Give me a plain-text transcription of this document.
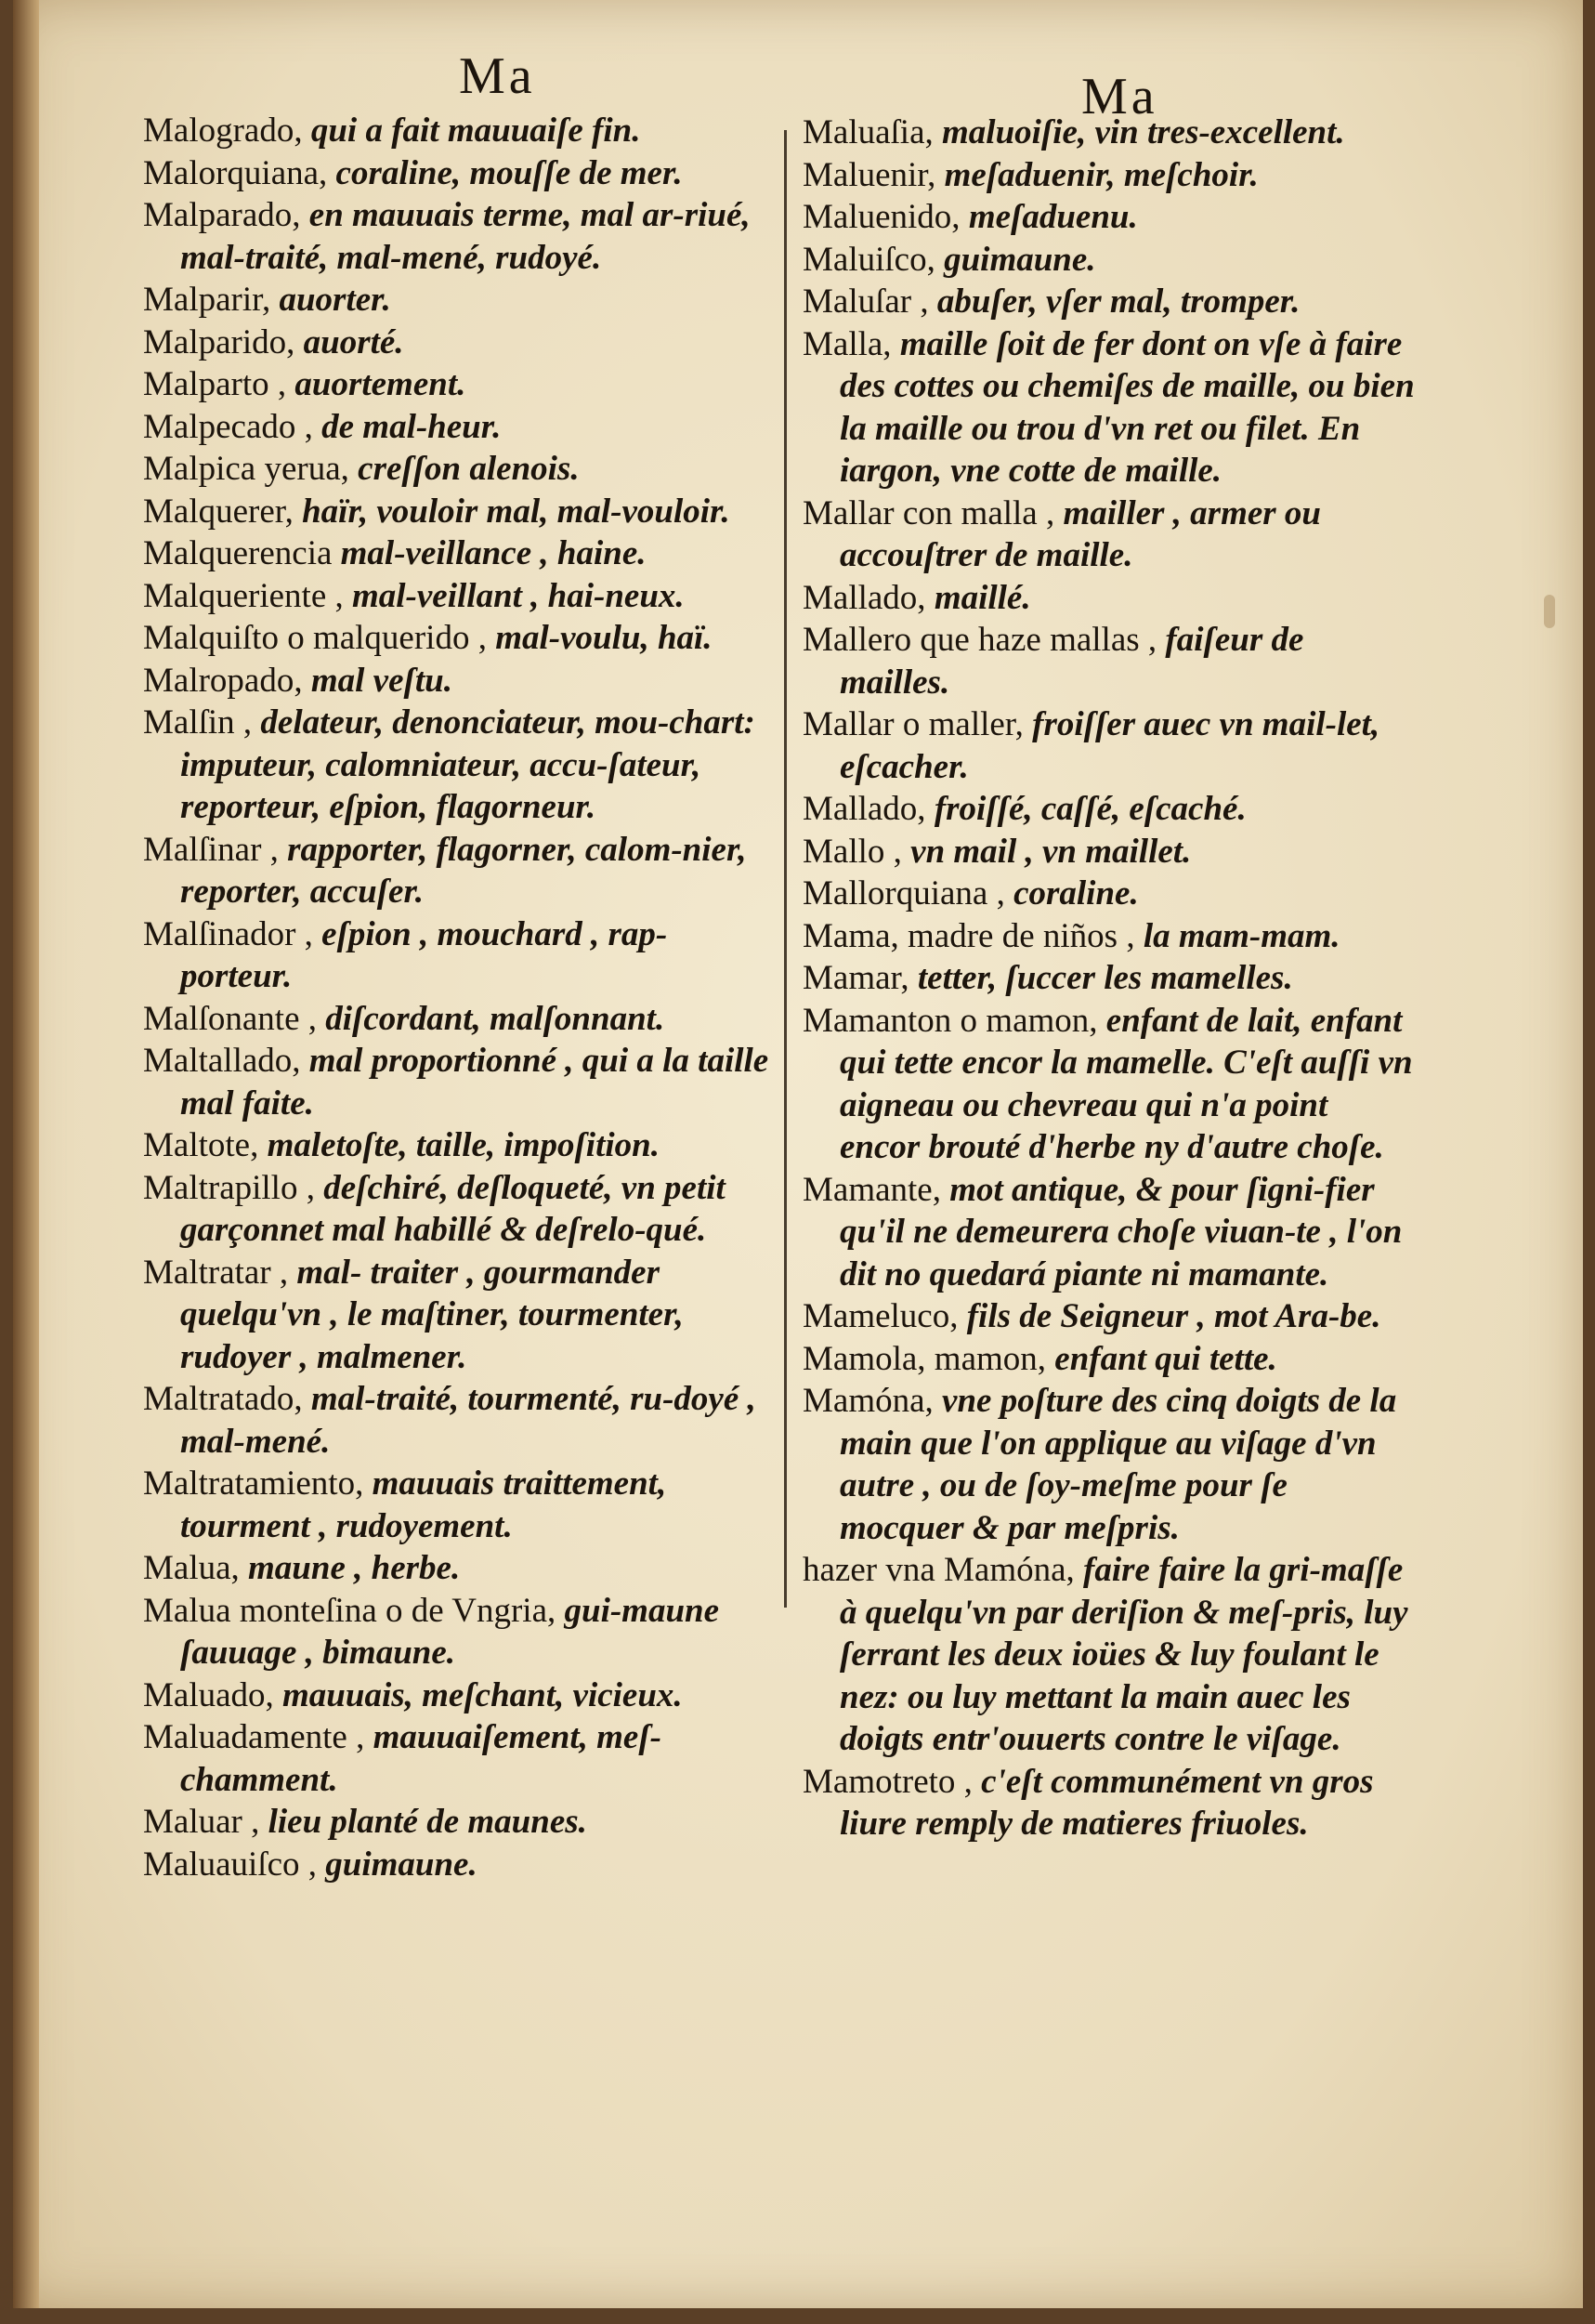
Ma	Ma
Malogrado, qui a fait mauuaiſe fin.
Malorquiana, coraline, mouſſe de mer.
Malparado, en mauuais terme, mal ar-riué, mal-traité, mal-mené, rudoyé.
Malparir, auorter.
Malparido, auorté.
Malparto , auortement.
Malpecado , de mal-heur.
Malpica yerua, creſſon alenois.
Malquerer, haïr, vouloir mal, mal-vouloir.
Malquerencia mal-veillance , haine.
Malqueriente , mal-veillant , hai-neux.
Malquiſto o malquerido , mal-voulu, haï.
Malropado, mal veſtu.
Malſin , delateur, denonciateur, mou-chart: imputeur, calomniateur, accu-ſateur, reporteur, eſpion, flagorneur.
Malſinar , rapporter, flagorner, calom-nier, reporter, accuſer.
Malſinador , eſpion , mouchard , rap-porteur.
Malſonante , diſcordant, malſonnant.
Maltallado, mal proportionné , qui a la taille mal faite.
Maltote, maletoſte, taille, impoſition.
Maltrapillo , deſchiré, deſloqueté, vn petit garçonnet mal habillé & deſrelo-qué.
Maltratar , mal- traiter , gourmander quelqu'vn , le maſtiner, tourmenter, rudoyer , malmener.
Maltratado, mal-traité, tourmenté, ru-doyé , mal-mené.
Maltratamiento, mauuais traittement, tourment , rudoyement.
Malua, maune , herbe.
Malua monteſina o de Vngria, gui-maune ſauuage , bimaune.
Maluado, mauuais, meſchant, vicieux.
Maluadamente , mauuaiſement, meſ-chamment.
Maluar , lieu planté de maunes.
Maluauiſco , guimaune.
Maluaſia, maluoiſie, vin tres-excellent.
Maluenir, meſaduenir, meſchoir.
Maluenido, meſaduenu.
Maluiſco, guimaune.
Maluſar , abuſer, vſer mal, tromper.
Malla, maille ſoit de fer dont on vſe à faire des cottes ou chemiſes de maille, ou bien la maille ou trou d'vn ret ou filet. En iargon, vne cotte de maille.
Mallar con malla , mailler , armer ou accouſtrer de maille.
Mallado, maillé.
Mallero que haze mallas , faiſeur de mailles.
Mallar o maller, froiſſer auec vn mail-let, eſcacher.
Mallado, froiſſé, caſſé, eſcaché.
Mallo , vn mail , vn maillet.
Mallorquiana , coraline.
Mama, madre de niños , la mam-mam.
Mamar, tetter, ſuccer les mamelles.
Mamanton o mamon, enfant de lait, enfant qui tette encor la mamelle. C'eſt auſſi vn aigneau ou chevreau qui n'a point encor brouté d'herbe ny d'autre choſe.
Mamante, mot antique, & pour ſigni-fier qu'il ne demeurera choſe viuan-te , l'on dit no quedará piante ni mamante.
Mameluco, fils de Seigneur , mot Ara-be.
Mamola, mamon, enfant qui tette.
Mamóna, vne poſture des cinq doigts de la main que l'on applique au viſage d'vn autre , ou de ſoy-meſme pour ſe mocquer & par meſpris.
hazer vna Mamóna, faire faire la gri-maſſe à quelqu'vn par deriſion & meſ-pris, luy ſerrant les deux ioües & luy foulant le nez: ou luy mettant la main auec les doigts entr'ouuerts contre le viſage.
Mamotreto , c'eſt communément vn gros liure remply de matieres friuoles.
